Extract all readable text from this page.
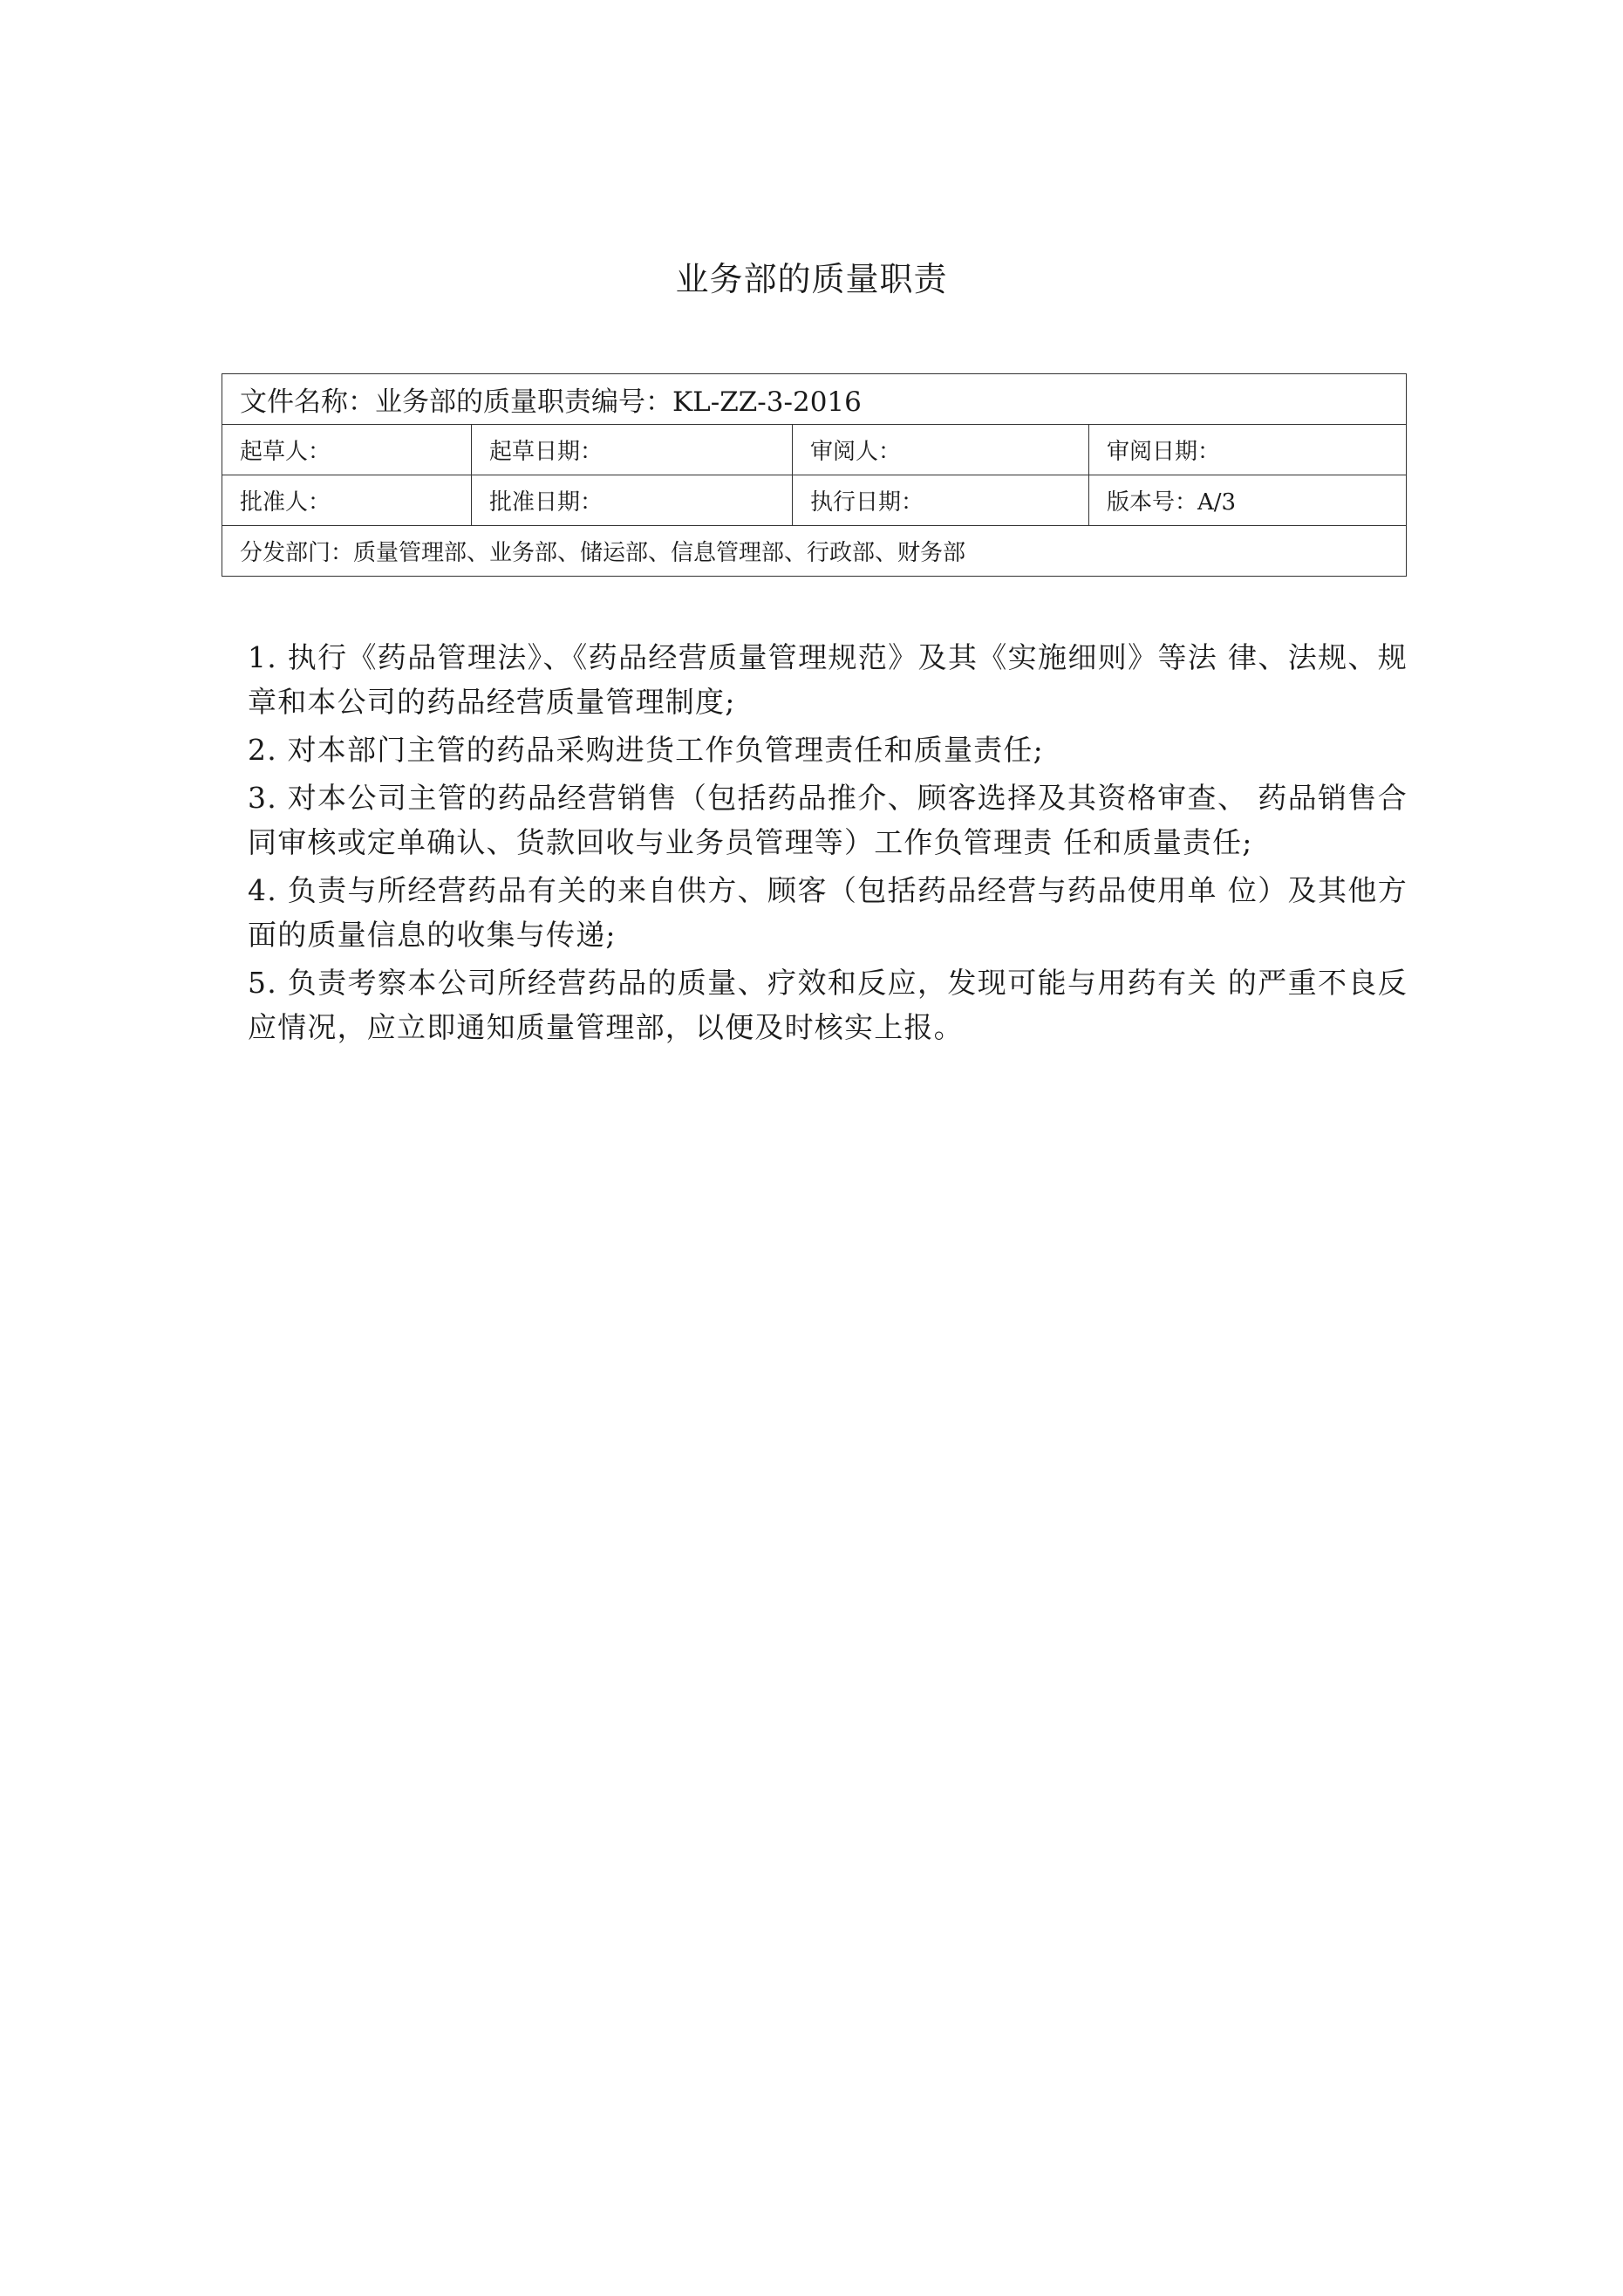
业务部的质量职责
文件名称：业务部的质量职责编号：KL-ZZ-3-2016			
起草人：	起草日期：	审阅人：	审阅日期：
批准人：	批准日期：	执行日期：	版本号：A/3
分发部门：质量管理部、业务部、储运部、信息管理部、行政部、财务部			

1. 执行《药品管理法》、《药品经营质量管理规范》及其《实施细则》等法 律、法规、规章和本公司的药品经营质量管理制度;

2. 对本部门主管的药品采购进货工作负管理责任和质量责任;

3. 对本公司主管的药品经营销售（包括药品推介、顾客选择及其资格审查、 药品销售合同审核或定单确认、货款回收与业务员管理等）工作负管理责 任和质量责任;

4. 负责与所经营药品有关的来自供方、顾客（包括药品经营与药品使用单 位）及其他方面的质量信息的收集与传递;

5. 负责考察本公司所经营药品的质量、疗效和反应，发现可能与用药有关 的严重不良反应情况，应立即通知质量管理部，以便及时核实上报。
